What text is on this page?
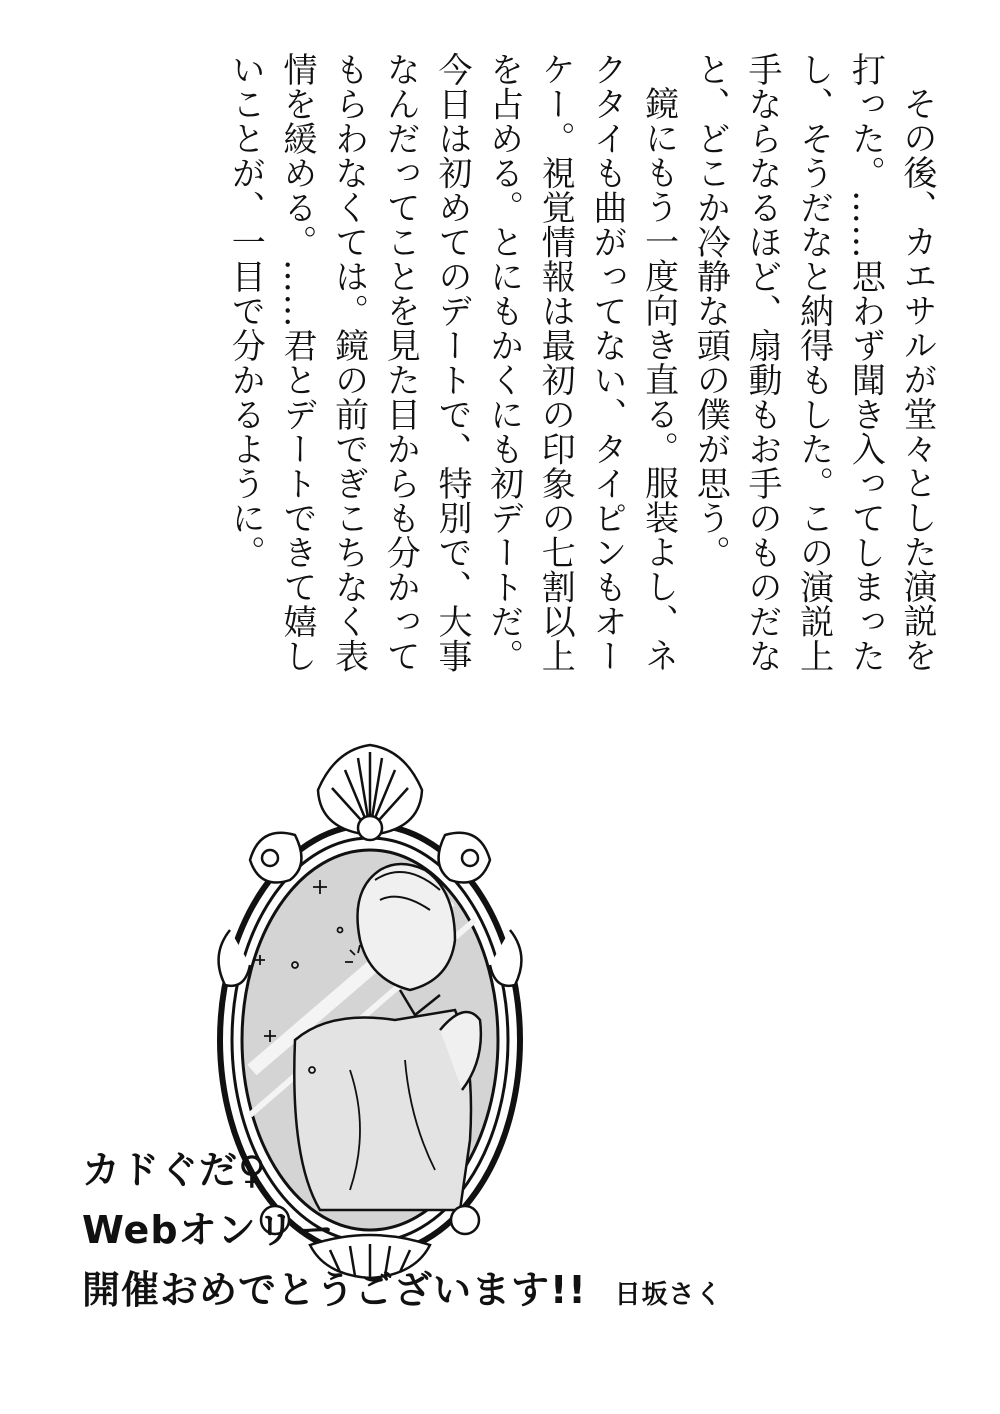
その後、カエサルが堂々とした演説を打った。……思わず聞き入ってしまったし、そうだなと納得もした。この演説上手ならなるほど、扇動もお手のものだなと、どこか冷静な頭の僕が思う。

鏡にもう一度向き直る。服装よし、ネクタイも曲がってない、タイピンもオーケー。視覚情報は最初の印象の七割以上を占める。とにもかくにも初デートだ。今日は初めてのデートで、特別で、大事なんだってことを見た目からも分かってもらわなくては。鏡の前でぎこちなく表情を緩める。……君とデートできて嬉しいことが、一目で分かるように。

カドぐだ♀
Webオンリー
開催おめでとうございます!! 日坂さく
